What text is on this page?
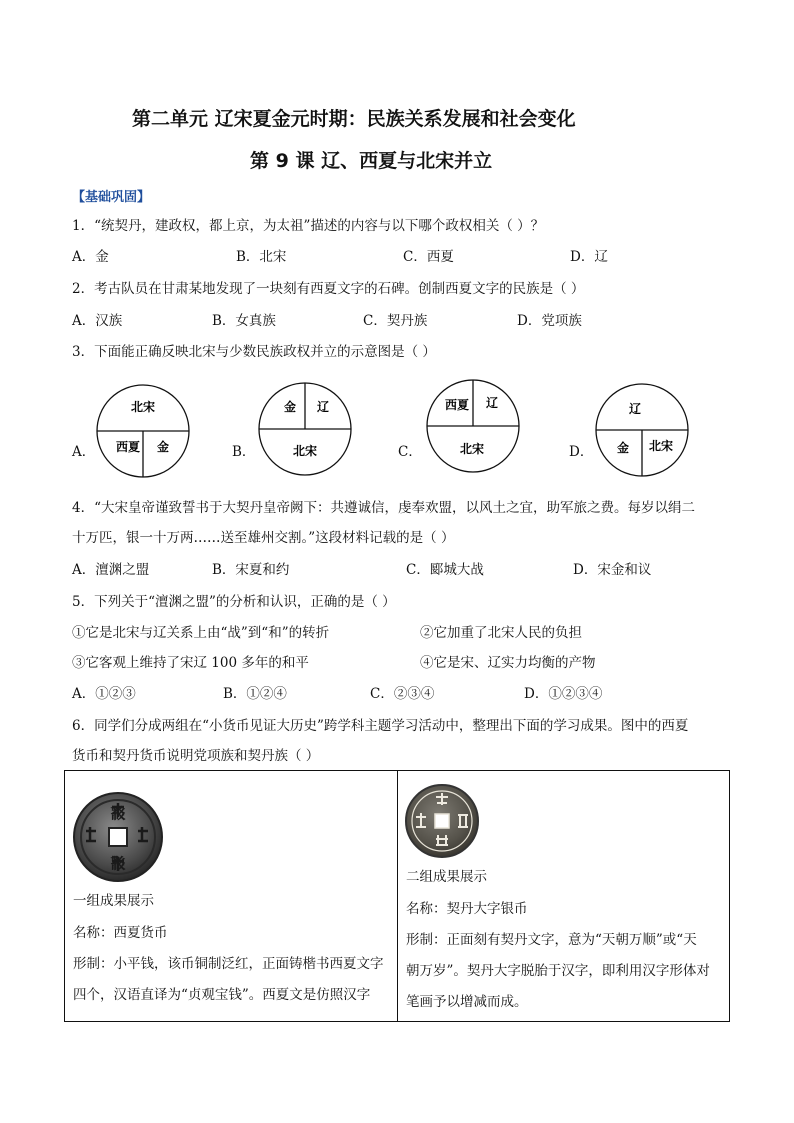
第二单元 辽宋夏金元时期：民族关系发展和社会变化
第 9 课 辽、西夏与北宋并立
【基础巩固】
1．“统契丹，建政权，都上京，为太祖”描述的内容与以下哪个政权相关（ ）？
A．金	B．北宋	C．西夏	D．辽
2．考古队员在甘肃某地发现了一块刻有西夏文字的石碑。创制西夏文字的民族是（ ）
A．汉族	B．女真族	C．契丹族	D．党项族
3．下面能正确反映北宋与少数民族政权并立的示意图是（ ）
北宋
西夏 金
A．
金 辽
北宋
B．
西夏 辽
北宋
C．
辽
金 北宋
D．
4．“大宋皇帝谨致誓书于大契丹皇帝阙下：共遵诚信，虔奉欢盟，以风土之宜，助军旅之费。每岁以绢二
十万匹，银一十万两……送至雄州交割。”这段材料记载的是（ ）
A．澶渊之盟	B．宋夏和约	C．郾城大战	D．宋金和议
5．下列关于“澶渊之盟”的分析和认识，正确的是（ ）
①它是北宋与辽关系上由“战”到“和”的转折	②它加重了北宋人民的负担
③它客观上维持了宋辽 100 多年的和平	④它是宋、辽实力均衡的产物
A．①②③	B．①②④	C．②③④	D．①②③④
6．同学们分成两组在“小货币见证大历史”跨学科主题学习活动中，整理出下面的学习成果。图中的西夏
货币和契丹货币说明党项族和契丹族（ ）
𘜶
𘜶
一组成果展示
名称：西夏货币
形制：小平钱，该币铜制泛红，正面铸楷书西夏文字
四个，汉语直译为“贞观宝钱”。西夏文是仿照汉字

二组成果展示
名称：契丹大字银币
形制：正面刻有契丹文字，意为“天朝万顺”或“天
朝万岁”。契丹大字脱胎于汉字，即利用汉字形体对
笔画予以增减而成。
